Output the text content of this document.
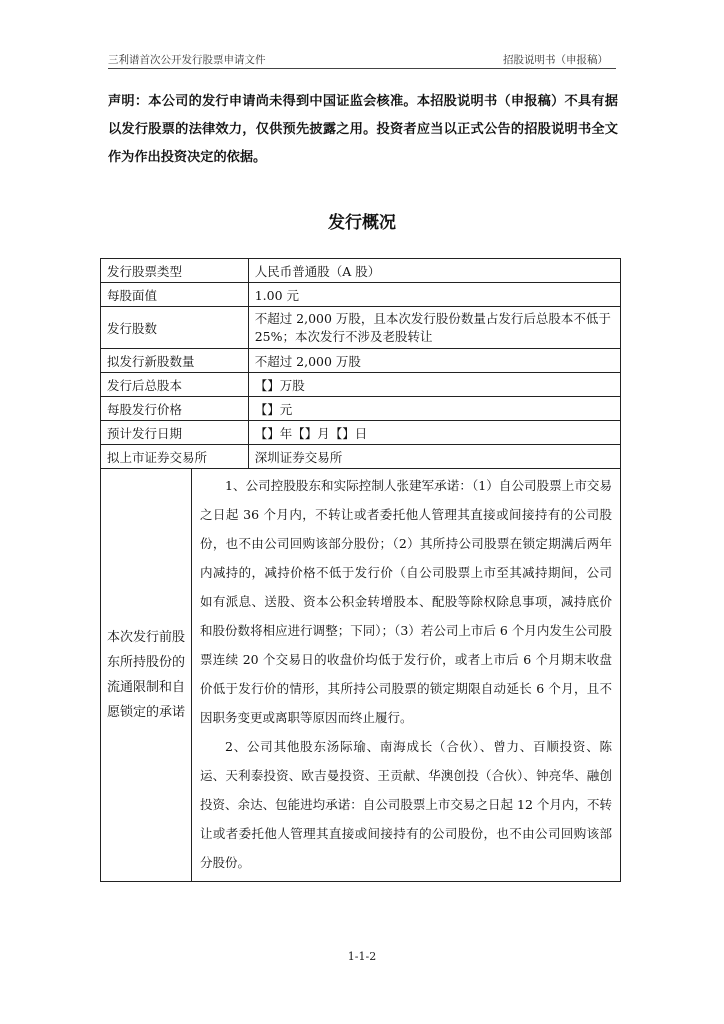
三利谱首次公开发行股票申请文件	招股说明书（申报稿）
声明：本公司的发行申请尚未得到中国证监会核准。本招股说明书（申报稿）不具有据以发行股票的法律效力，仅供预先披露之用。投资者应当以正式公告的招股说明书全文作为作出投资决定的依据。
发行概况
发行股票类型		人民币普通股（A 股）
每股面值		1.00 元
发行股数		不超过 2,000 万股，且本次发行股份数量占发行后总股本不低于 25%；本次发行不涉及老股转让
拟发行新股数量		不超过 2,000 万股
发行后总股本		【】万股
每股发行价格		【】元
预计发行日期		【】年【】月【】日
拟上市证券交易所		深圳证券交易所
本次发行前股东所持股份的流通限制和自愿锁定的承诺	1、公司控股股东和实际控制人张建军承诺：（1）自公司股票上市交易之日起 36 个月内，不转让或者委托他人管理其直接或间接持有的公司股份，也不由公司回购该部分股份；（2）其所持公司股票在锁定期满后两年内减持的，减持价格不低于发行价（自公司股票上市至其减持期间，公司如有派息、送股、资本公积金转增股本、配股等除权除息事项，减持底价和股份数将相应进行调整；下同）；（3）若公司上市后 6 个月内发生公司股票连续 20 个交易日的收盘价均低于发行价，或者上市后 6 个月期末收盘价低于发行价的情形，其所持公司股票的锁定期限自动延长 6 个月，且不因职务变更或离职等原因而终止履行。

2、公司其他股东汤际瑜、南海成长（合伙）、曾力、百顺投资、陈运、天利泰投资、欧吉曼投资、王贡献、华澳创投（合伙）、钟亮华、融创投资、余达、包能进均承诺：自公司股票上市交易之日起 12 个月内，不转让或者委托他人管理其直接或间接持有的公司股份，也不由公司回购该部分股份。	

1-1-2
